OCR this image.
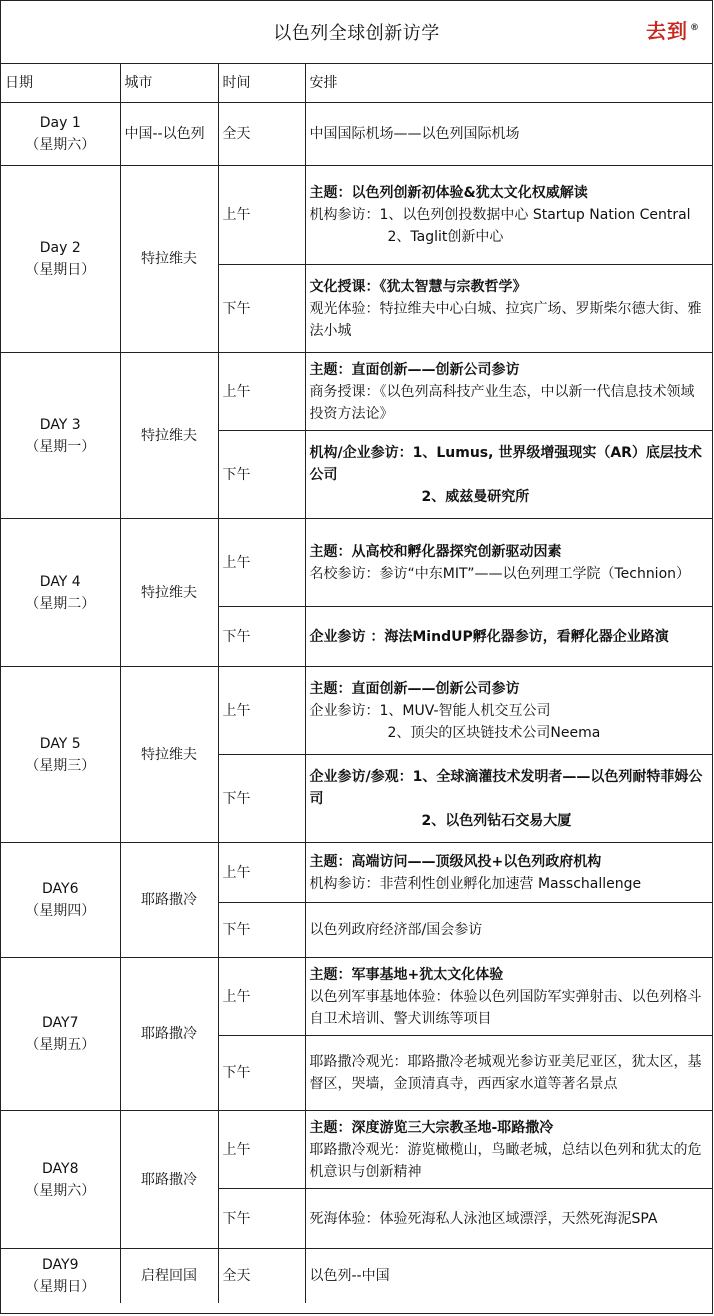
以色列全球创新访学	去到 ®
日期	城市	时间	安排

Day 1
（星期六）	中国--以色列	全天	中国国际机场——以色列国际机场

Day 2
（星期日）	特拉维夫	上午	主题：以色列创新初体验&犹太文化权威解读
机构参访：1、以色列创投数据中心 Startup Nation Central
2、Taglit创新中心

		下午	文化授课：《犹太智慧与宗教哲学》
观光体验：特拉维夫中心白城、拉宾广场、罗斯柴尔德大街、雅法小城

DAY 3
（星期一）	特拉维夫	上午	主题：直面创新——创新公司参访
商务授课：《以色列高科技产业生态，中以新一代信息技术领域投资方法论》

		下午	机构/企业参访：1、Lumus, 世界级增强现实（AR）底层技术公司
2、威兹曼研究所

DAY 4
（星期二）	特拉维夫	上午	主题：从高校和孵化器探究创新驱动因素
名校参访：参访“中东MIT”——以色列理工学院（Technion）

		下午	企业参访 ：海法MindUP孵化器参访，看孵化器企业路演

DAY 5
（星期三）	特拉维夫	上午	主题：直面创新——创新公司参访
企业参访：1、MUV-智能人机交互公司
2、顶尖的区块链技术公司Neema

		下午	企业参访/参观：1、全球滴灌技术发明者——以色列耐特菲姆公司
2、以色列钻石交易大厦

DAY6
（星期四）	耶路撒冷	上午	主题：高端访问——顶级风投+以色列政府机构
机构参访：非营利性创业孵化加速营 Masschallenge

		下午	以色列政府经济部/国会参访

DAY7
（星期五）	耶路撒冷	上午	主题：军事基地+犹太文化体验
以色列军事基地体验：体验以色列国防军实弹射击、以色列格斗自卫术培训、警犬训练等项目

		下午	耶路撒冷观光：耶路撒冷老城观光参访亚美尼亚区，犹太区，基督区，哭墙，金顶清真寺，西西家水道等著名景点

DAY8
（星期六）	耶路撒冷	上午	主题：深度游览三大宗教圣地-耶路撒冷
耶路撒冷观光：游览橄榄山，鸟瞰老城，总结以色列和犹太的危机意识与创新精神

		下午	死海体验：体验死海私人泳池区域漂浮，天然死海泥SPA

DAY9
（星期日）	启程回国	全天	以色列--中国
